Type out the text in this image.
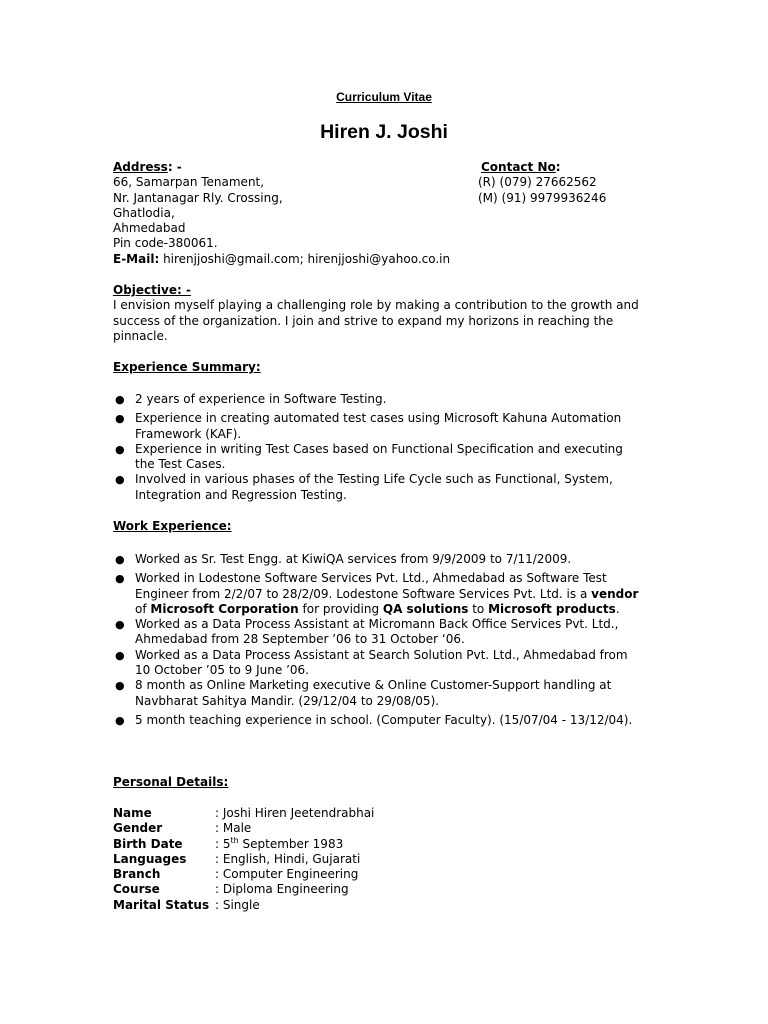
Curriculum Vitae
Hiren J. Joshi
Address: -
66, Samarpan Tenament,
Nr. Jantanagar Rly. Crossing,
Ghatlodia,
Ahmedabad
Pin code-380061.
E-Mail: hirenjjoshi@gmail.com; hirenjjoshi@yahoo.co.in
Contact No:
(R) (079) 27662562
(M) (91) 9979936246
Objective: -
I envision myself playing a challenging role by making a contribution to the growth and success of the organization. I join and strive to expand my horizons in reaching the pinnacle.
Experience Summary:
● 2 years of experience in Software Testing.
● Experience in creating automated test cases using Microsoft Kahuna Automation Framework (KAF).
● Experience in writing Test Cases based on Functional Specification and executing the Test Cases.
● Involved in various phases of the Testing Life Cycle such as Functional, System, Integration and Regression Testing.
Work Experience:
● Worked as Sr. Test Engg. at KiwiQA services from 9/9/2009 to 7/11/2009.
● Worked in Lodestone Software Services Pvt. Ltd., Ahmedabad as Software Test Engineer from 2/2/07 to 28/2/09. Lodestone Software Services Pvt. Ltd. is a vendor of Microsoft Corporation for providing QA solutions to Microsoft products.
● Worked as a Data Process Assistant at Micromann Back Office Services Pvt. Ltd., Ahmedabad from 28 September ’06 to 31 October ‘06.
● Worked as a Data Process Assistant at Search Solution Pvt. Ltd., Ahmedabad from 10 October ’05 to 9 June ’06.
● 8 month as Online Marketing executive & Online Customer-Support handling at Navbharat Sahitya Mandir. (29/12/04 to 29/08/05).
● 5 month teaching experience in school. (Computer Faculty). (15/07/04 - 13/12/04).
Personal Details:
Name	: Joshi Hiren Jeetendrabhai
Gender	: Male
Birth Date	: 5th September 1983
Languages	: English, Hindi, Gujarati
Branch	: Computer Engineering
Course	: Diploma Engineering
Marital Status	: Single
